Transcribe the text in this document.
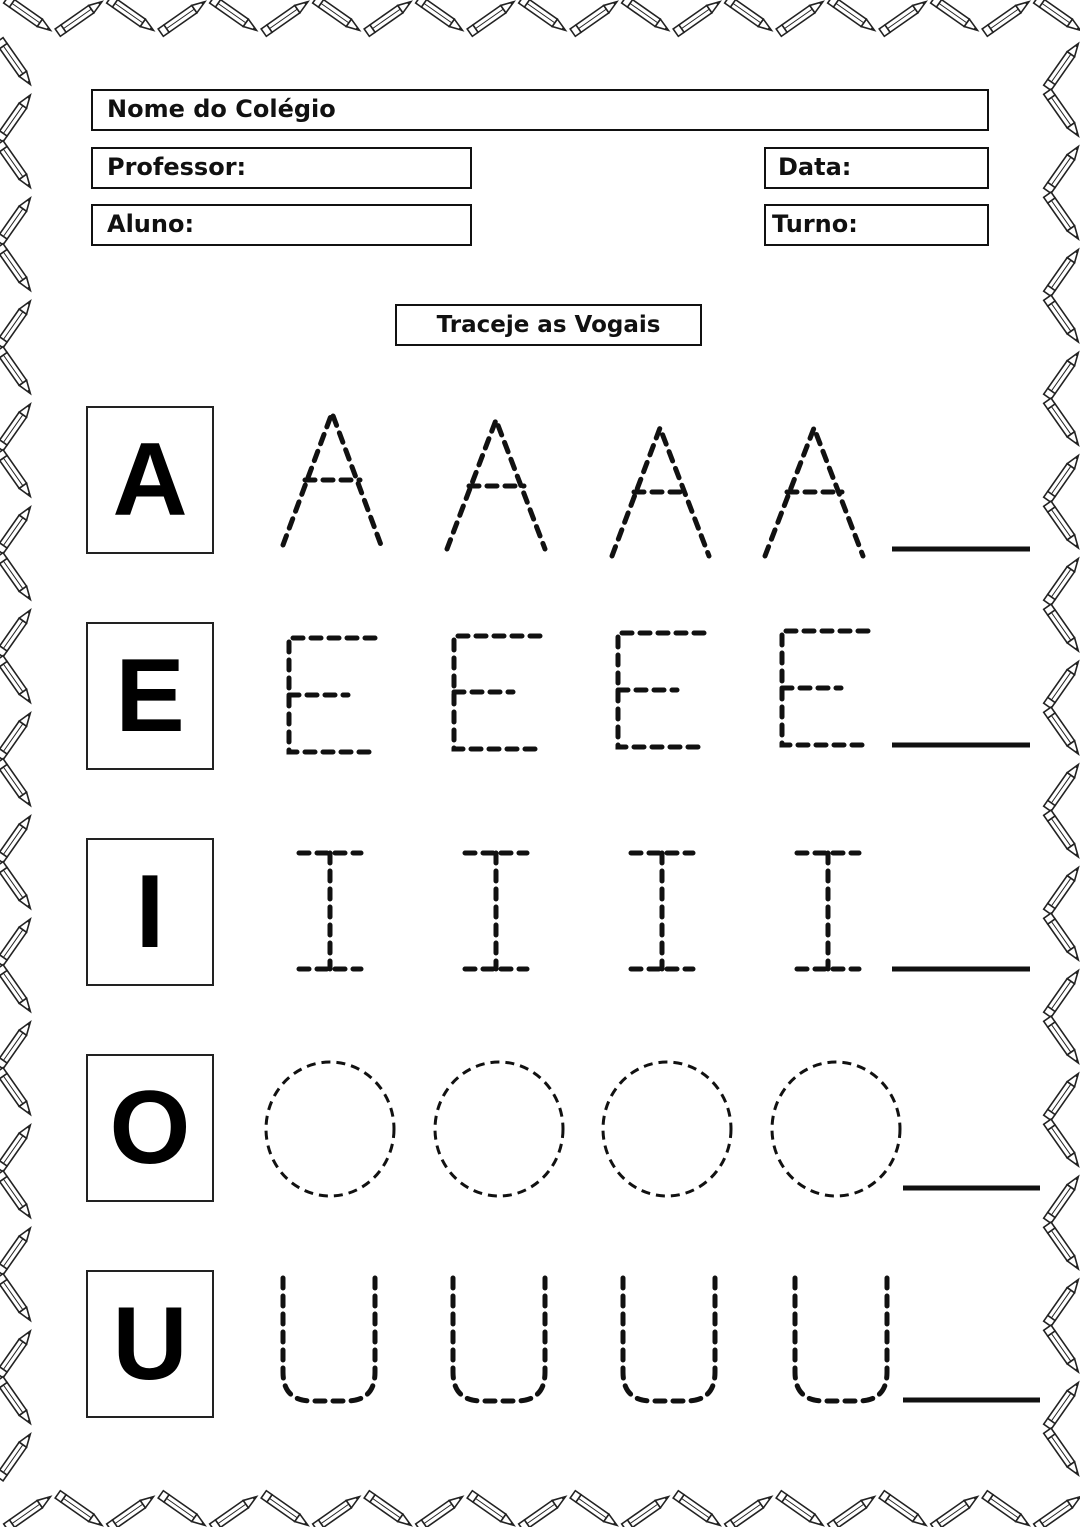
Nome do Colégio
Professor:	Data:
Aluno:	Turno:
Traceje as Vogais
A
E
I
O
U
